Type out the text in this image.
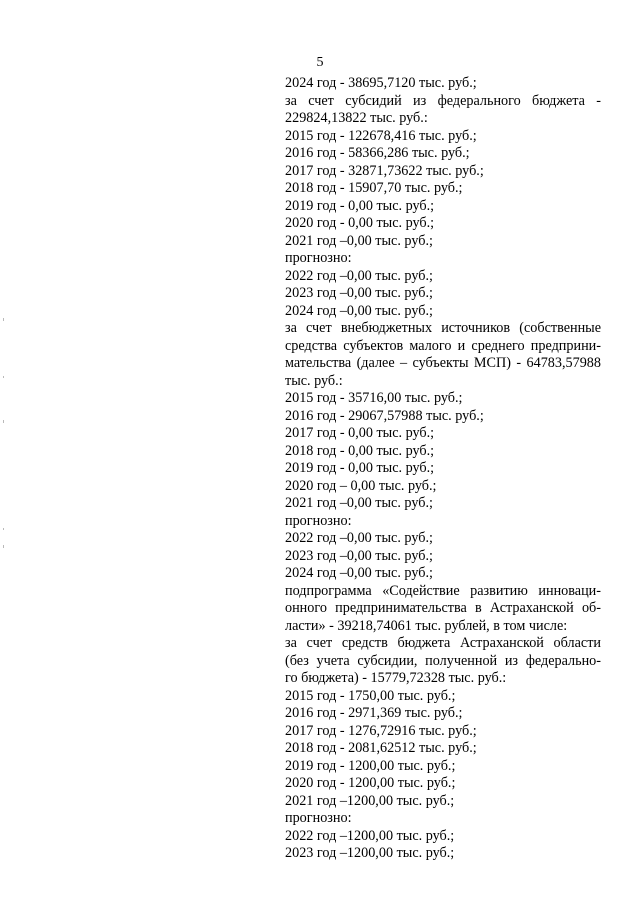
5
2024 год - 38695,7120 тыс. руб.;
за счет субсидий из федерального бюджета -
229824,13822 тыс. руб.:
2015 год - 122678,416 тыс. руб.;
2016 год - 58366,286 тыс. руб.;
2017 год - 32871,73622 тыс. руб.;
2018 год - 15907,70 тыс. руб.;
2019 год - 0,00 тыс. руб.;
2020 год - 0,00 тыс. руб.;
2021 год –0,00 тыс. руб.;
прогнозно:
2022 год –0,00 тыс. руб.;
2023 год –0,00 тыс. руб.;
2024 год –0,00 тыс. руб.;
за счет внебюджетных источников (собственные
средства субъектов малого и среднего предприни-
мательства (далее – субъекты МСП) - 64783,57988
тыс. руб.:
2015 год - 35716,00 тыс. руб.;
2016 год - 29067,57988 тыс. руб.;
2017 год - 0,00 тыс. руб.;
2018 год - 0,00 тыс. руб.;
2019 год - 0,00 тыс. руб.;
2020 год – 0,00 тыс. руб.;
2021 год –0,00 тыс. руб.;
прогнозно:
2022 год –0,00 тыс. руб.;
2023 год –0,00 тыс. руб.;
2024 год –0,00 тыс. руб.;
подпрограмма «Содействие развитию инноваци-
онного предпринимательства в Астраханской об-
ласти» - 39218,74061 тыс. рублей, в том числе:
за счет средств бюджета Астраханской области
(без учета субсидии, полученной из федерально-
го бюджета) - 15779,72328 тыс. руб.:
2015 год - 1750,00 тыс. руб.;
2016 год - 2971,369 тыс. руб.;
2017 год - 1276,72916 тыс. руб.;
2018 год - 2081,62512 тыс. руб.;
2019 год - 1200,00 тыс. руб.;
2020 год - 1200,00 тыс. руб.;
2021 год –1200,00 тыс. руб.;
прогнозно:
2022 год –1200,00 тыс. руб.;
2023 год –1200,00 тыс. руб.;
